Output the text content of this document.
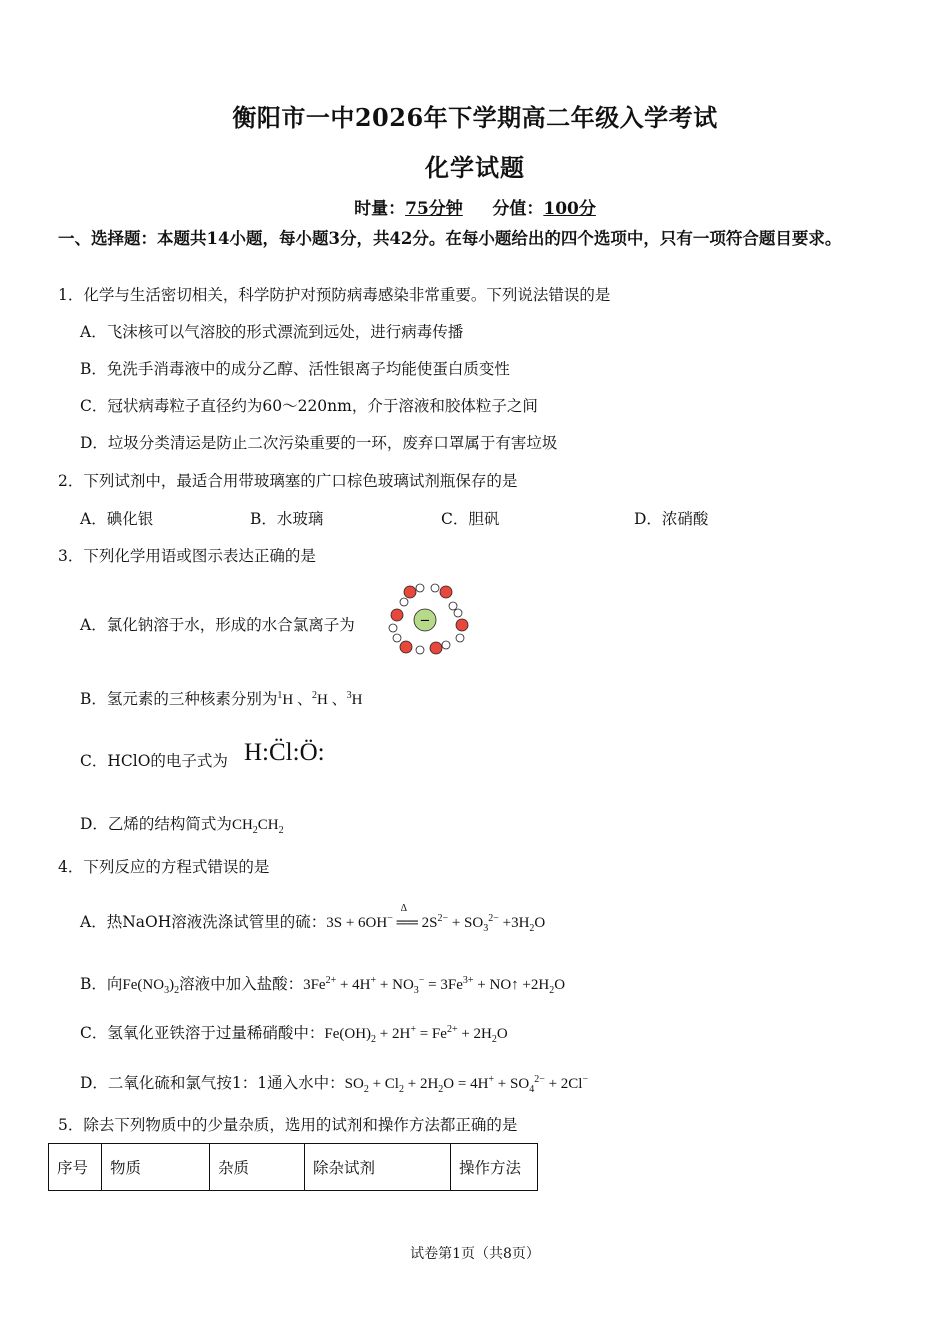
衡阳市一中2026年下学期高二年级入学考试
化学试题
时量：75分钟 分值：100分
一、选择题：本题共14小题，每小题3分，共42分。在每小题给出的四个选项中，只有一项符合题目要求。
1．化学与生活密切相关，科学防护对预防病毒感染非常重要。下列说法错误的是
A．飞沫核可以气溶胶的形式漂流到远处，进行病毒传播
B．免洗手消毒液中的成分乙醇、活性银离子均能使蛋白质变性
C．冠状病毒粒子直径约为60～220nm，介于溶液和胶体粒子之间
D．垃圾分类清运是防止二次污染重要的一环，废弃口罩属于有害垃圾
2．下列试剂中，最适合用带玻璃塞的广口棕色玻璃试剂瓶保存的是
A．碘化银	B．水玻璃	C．胆矾	D．浓硝酸
3．下列化学用语或图示表达正确的是
A．氯化钠溶于水，形成的水合氯离子为	−
B．氢元素的三种核素分别为$^1$H 、$^2$H 、$^3$H
C．HClO的电子式为 H:C̈l:Ö:
D．乙烯的结构简式为$CH_2CH_2$
4．下列反应的方程式错误的是
A．热NaOH溶液洗涤试管里的硫：3S + 6OH−
Δ
══ $2S^{2-} + SO_3^{2-} +3H_2O$
B．向$Fe(NO_3)_2$溶液中加入盐酸：$3Fe^{2+} + 4H^+ + NO_3^- = 3Fe^{3+}$ + NO↑ $+2H_2O$
C．氢氧化亚铁溶于过量稀硝酸中：$Fe(OH)_2 + 2H^+ = Fe^{2+} + 2H_2O$
D．二氧化硫和氯气按1：1通入水中：$SO_2 + Cl_2 + 2H_2O = 4H^+ + SO_4^{2-} + 2Cl^-$
5．除去下列物质中的少量杂质，选用的试剂和操作方法都正确的是
序号	物质	杂质	除杂试剂	操作方法
试卷第1页（共8页）
